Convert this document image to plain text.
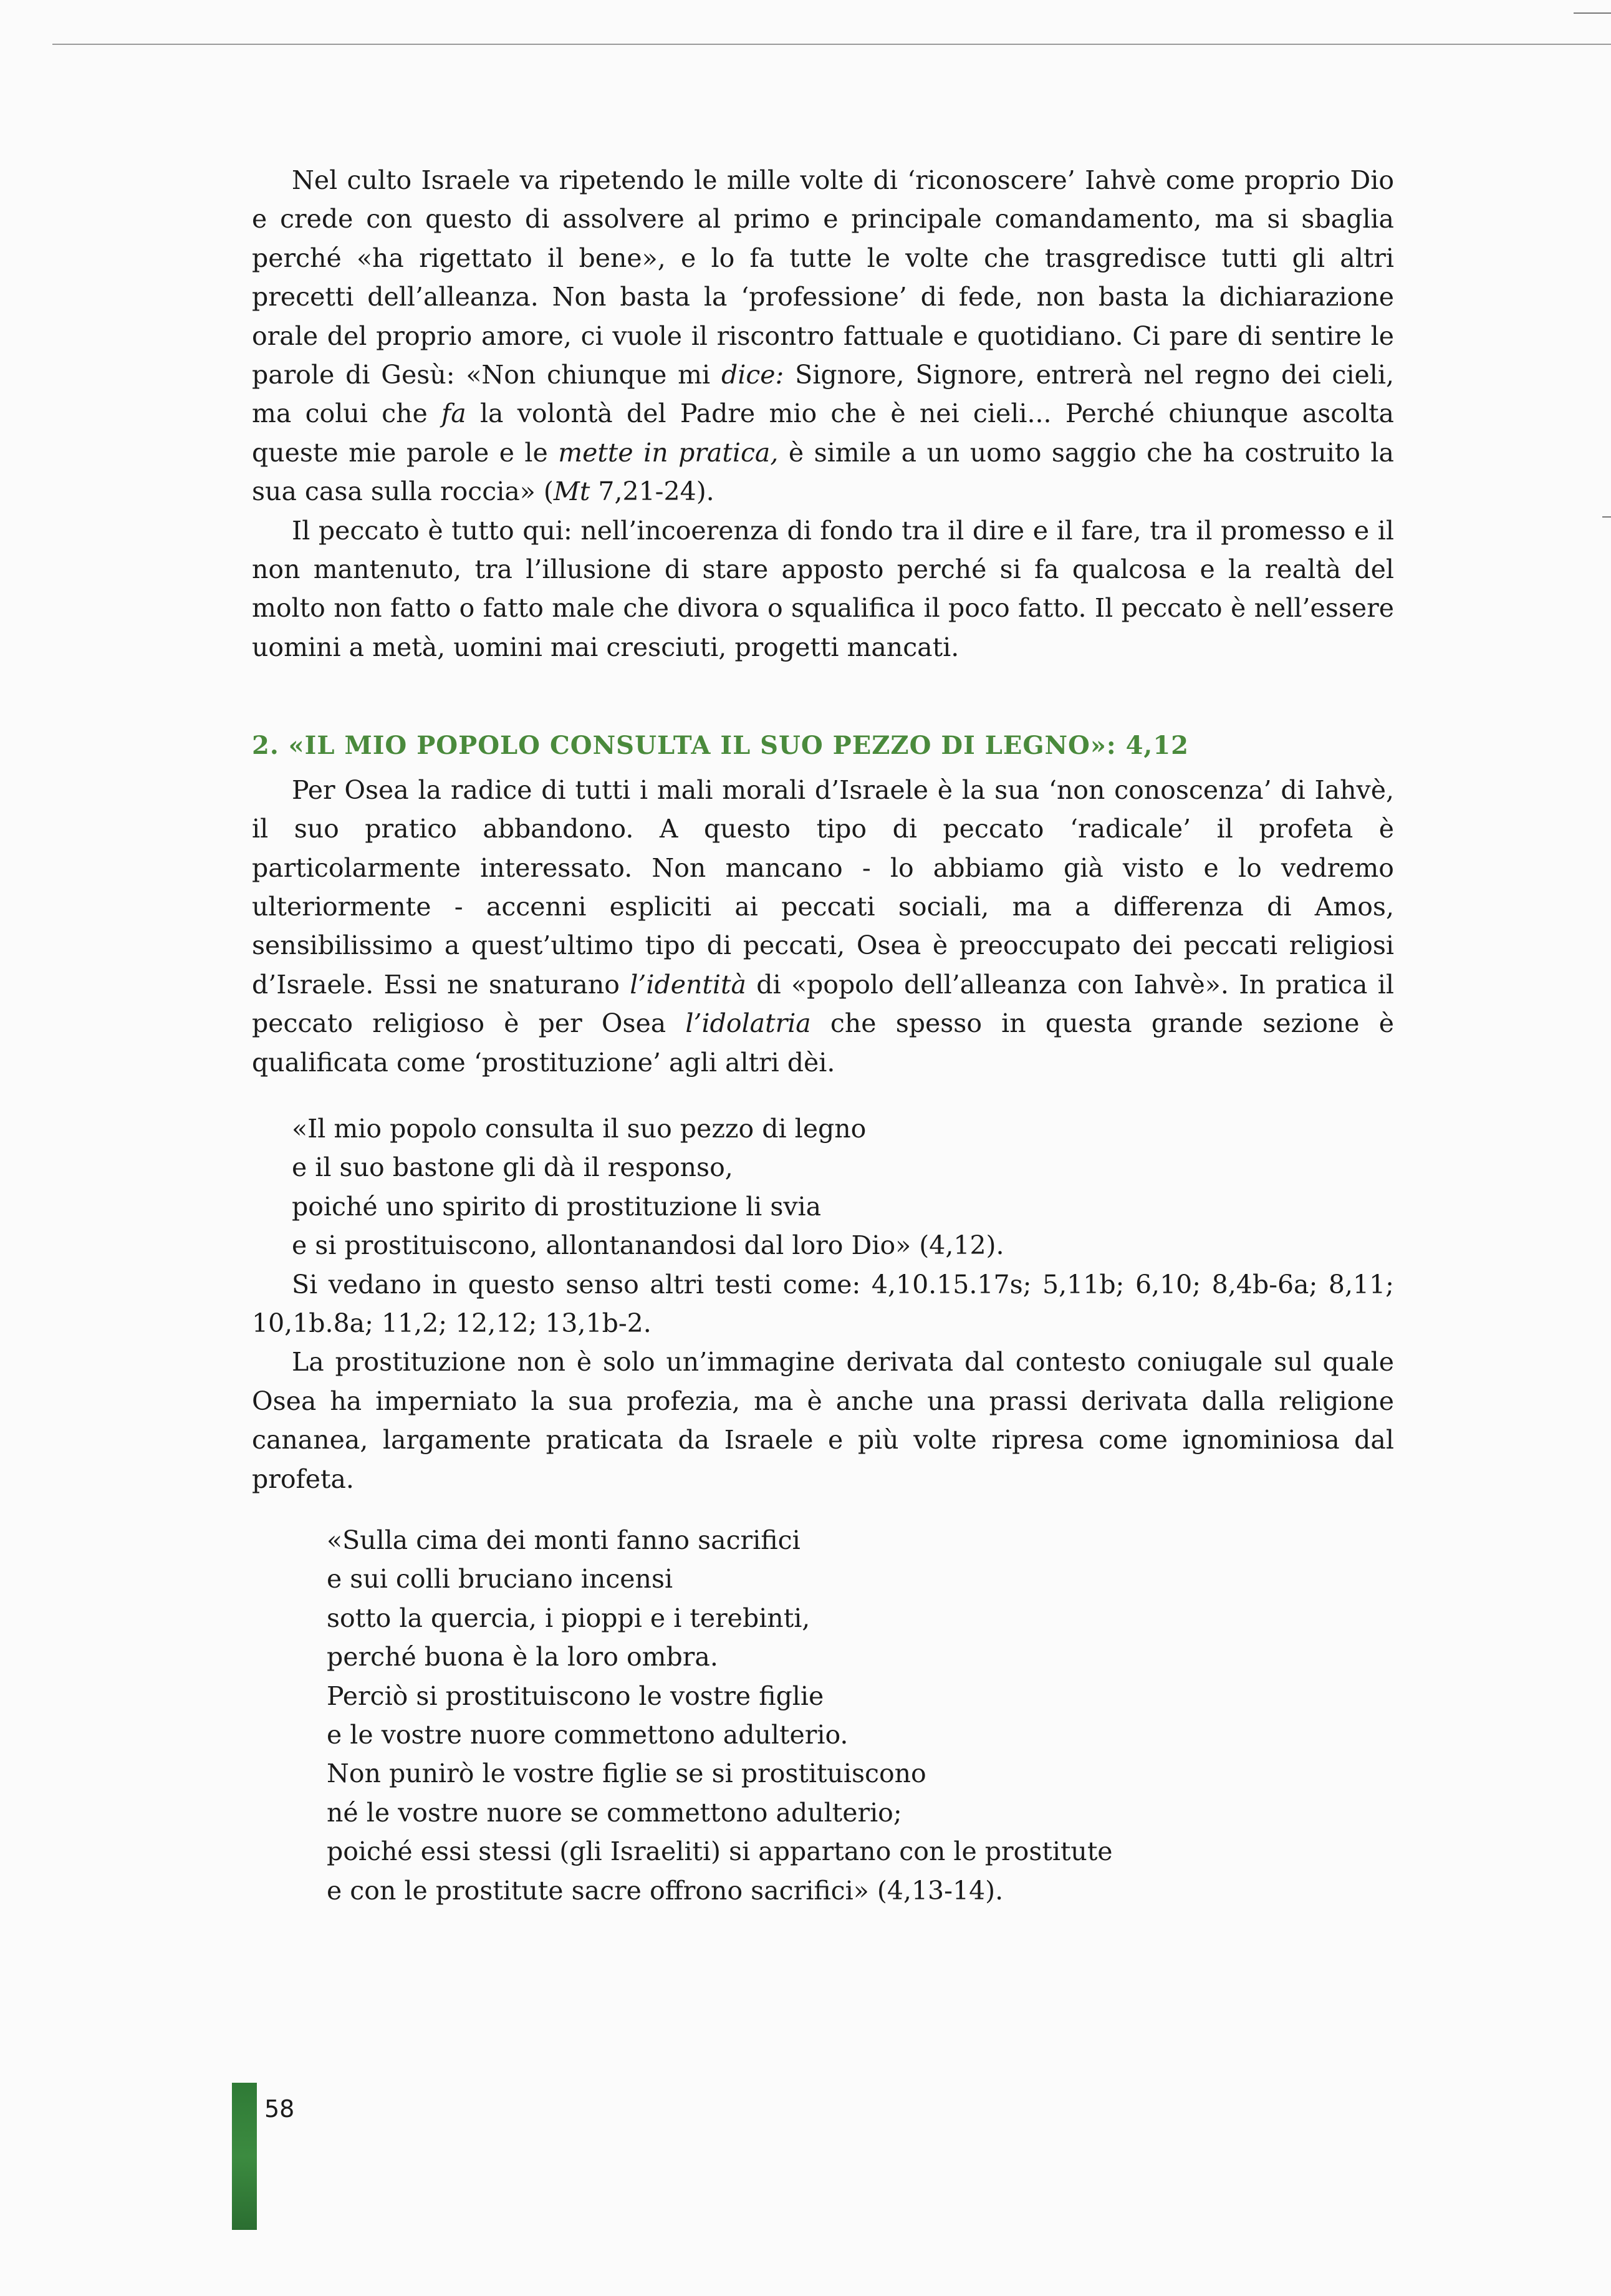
Nel culto Israele va ripetendo le mille volte di ‘riconoscere’ Iahvè come proprio Dio e crede con questo di assolvere al primo e principale comandamento, ma si sbaglia perché «ha rigettato il bene», e lo fa tutte le volte che trasgredisce tutti gli altri precetti dell’alleanza. Non basta la ‘professione’ di fede, non basta la dichiarazione orale del proprio amore, ci vuole il riscontro fattuale e quotidiano. Ci pare di sentire le parole di Gesù: «Non chiunque mi dice: Signore, Signore, entrerà nel regno dei cieli, ma colui che fa la volontà del Padre mio che è nei cieli... Perché chiunque ascolta queste mie parole e le mette in pratica, è simile a un uomo saggio che ha costruito la sua casa sulla roccia» (Mt 7,21-24).

Il peccato è tutto qui: nell’incoerenza di fondo tra il dire e il fare, tra il promesso e il non mantenuto, tra l’illusione di stare apposto perché si fa qualcosa e la realtà del molto non fatto o fatto male che divora o squalifica il poco fatto. Il peccato è nell’essere uomini a metà, uomini mai cresciuti, progetti mancati.

2. «IL MIO POPOLO CONSULTA IL SUO PEZZO DI LEGNO»: 4,12

Per Osea la radice di tutti i mali morali d’Israele è la sua ‘non conoscenza’ di Iahvè, il suo pratico abbandono. A questo tipo di peccato ‘radicale’ il profeta è particolarmente interessato. Non mancano - lo abbiamo già visto e lo vedremo ulteriormente - accenni espliciti ai peccati sociali, ma a differenza di Amos, sensibilissimo a quest’ultimo tipo di peccati, Osea è preoccupato dei peccati religiosi d’Israele. Essi ne snaturano l’identità di «popolo dell’alleanza con Iahvè». In pratica il peccato religioso è per Osea l’idolatria che spesso in questa grande sezione è qualificata come ‘prostituzione’ agli altri dèi.

«Il mio popolo consulta il suo pezzo di legno
e il suo bastone gli dà il responso,
poiché uno spirito di prostituzione li svia
e si prostituiscono, allontanandosi dal loro Dio» (4,12).

Si vedano in questo senso altri testi come: 4,10.15.17s; 5,11b; 6,10; 8,4b-6a; 8,11; 10,1b.8a; 11,2; 12,12; 13,1b-2.

La prostituzione non è solo un’immagine derivata dal contesto coniugale sul quale Osea ha imperniato la sua profezia, ma è anche una prassi derivata dalla religione cananea, largamente praticata da Israele e più volte ripresa come ignominiosa dal profeta.

«Sulla cima dei monti fanno sacrifici
e sui colli bruciano incensi
sotto la quercia, i pioppi e i terebinti,
perché buona è la loro ombra.
Perciò si prostituiscono le vostre figlie
e le vostre nuore commettono adulterio.
Non punirò le vostre figlie se si prostituiscono
né le vostre nuore se commettono adulterio;
poiché essi stessi (gli Israeliti) si appartano con le prostitute
e con le prostitute sacre offrono sacrifici» (4,13-14).
58
